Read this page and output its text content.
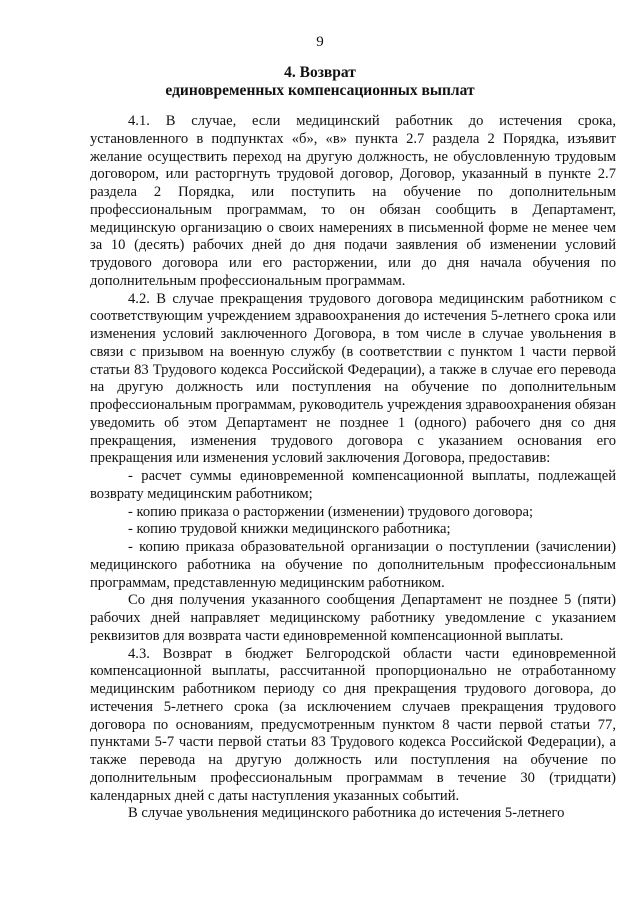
9
4. Возврат
единовременных компенсационных выплат

4.1. В случае, если медицинский работник до истечения срока, установленного в подпунктах «б», «в» пункта 2.7 раздела 2 Порядка, изъявит желание осуществить переход на другую должность, не обусловленную трудовым договором, или расторгнуть трудовой договор, Договор, указанный в пункте 2.7 раздела 2 Порядка, или поступить на обучение по дополнительным профессиональным программам, то он обязан сообщить в Департамент, медицинскую организацию о своих намерениях в письменной форме не менее чем за 10 (десять) рабочих дней до дня подачи заявления об изменении условий трудового договора или его расторжении, или до дня начала обучения по дополнительным профессиональным программам.

4.2. В случае прекращения трудового договора медицинским работником с соответствующим учреждением здравоохранения до истечения 5-летнего срока или изменения условий заключенного Договора, в том числе в случае увольнения в связи с призывом на военную службу (в соответствии с пунктом 1 части первой статьи 83 Трудового кодекса Российской Федерации), а также в случае его перевода на другую должность или поступления на обучение по дополнительным профессиональным программам, руководитель учреждения здравоохранения обязан уведомить об этом Департамент не позднее 1 (одного) рабочего дня со дня прекращения, изменения трудового договора с указанием основания его прекращения или изменения условий заключения Договора, предоставив:

- расчет суммы единовременной компенсационной выплаты, подлежащей возврату медицинским работником;

- копию приказа о расторжении (изменении) трудового договора;

- копию трудовой книжки медицинского работника;

- копию приказа образовательной организации о поступлении (зачислении) медицинского работника на обучение по дополнительным профессиональным программам, представленную медицинским работником.

Со дня получения указанного сообщения Департамент не позднее 5 (пяти) рабочих дней направляет медицинскому работнику уведомление с указанием реквизитов для возврата части единовременной компенсационной выплаты.

4.3. Возврат в бюджет Белгородской области части единовременной компенсационной выплаты, рассчитанной пропорционально не отработанному медицинским работником периоду со дня прекращения трудового договора, до истечения 5-летнего срока (за исключением случаев прекращения трудового договора по основаниям, предусмотренным пунктом 8 части первой статьи 77, пунктами 5-7 части первой статьи 83 Трудового кодекса Российской Федерации), а также перевода на другую должность или поступления на обучение по дополнительным профессиональным программам в течение 30 (тридцати) календарных дней с даты наступления указанных событий.

В случае увольнения медицинского работника до истечения 5-летнего
